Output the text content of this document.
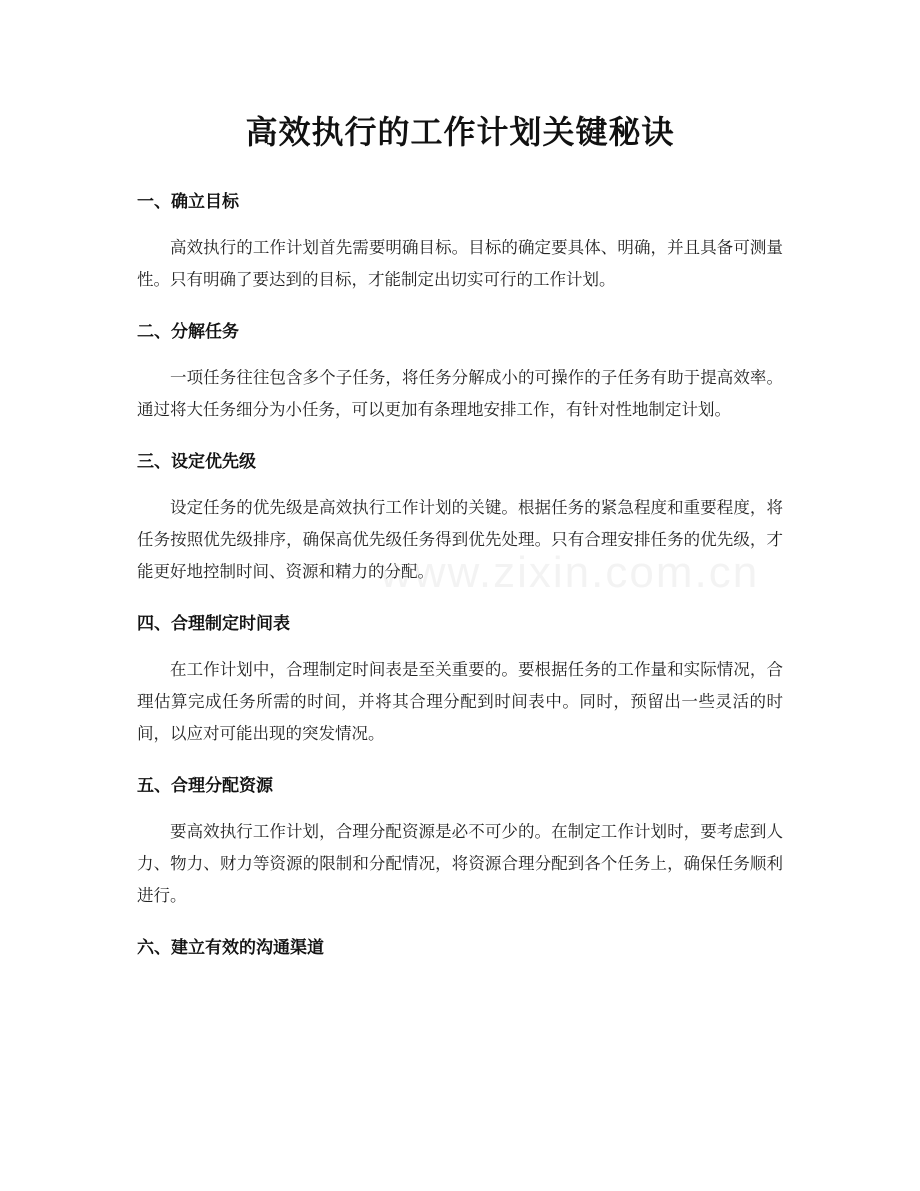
www.zixin.com.cn
高效执行的工作计划关键秘诀
一、确立目标

高效执行的工作计划首先需要明确目标。目标的确定要具体、明确，并且具备可测量性。只有明确了要达到的目标，才能制定出切实可行的工作计划。

二、分解任务

一项任务往往包含多个子任务，将任务分解成小的可操作的子任务有助于提高效率。通过将大任务细分为小任务，可以更加有条理地安排工作，有针对性地制定计划。

三、设定优先级

设定任务的优先级是高效执行工作计划的关键。根据任务的紧急程度和重要程度，将任务按照优先级排序，确保高优先级任务得到优先处理。只有合理安排任务的优先级，才能更好地控制时间、资源和精力的分配。

四、合理制定时间表

在工作计划中，合理制定时间表是至关重要的。要根据任务的工作量和实际情况，合理估算完成任务所需的时间，并将其合理分配到时间表中。同时，预留出一些灵活的时间，以应对可能出现的突发情况。

五、合理分配资源

要高效执行工作计划，合理分配资源是必不可少的。在制定工作计划时，要考虑到人力、物力、财力等资源的限制和分配情况，将资源合理分配到各个任务上，确保任务顺利进行。

六、建立有效的沟通渠道
